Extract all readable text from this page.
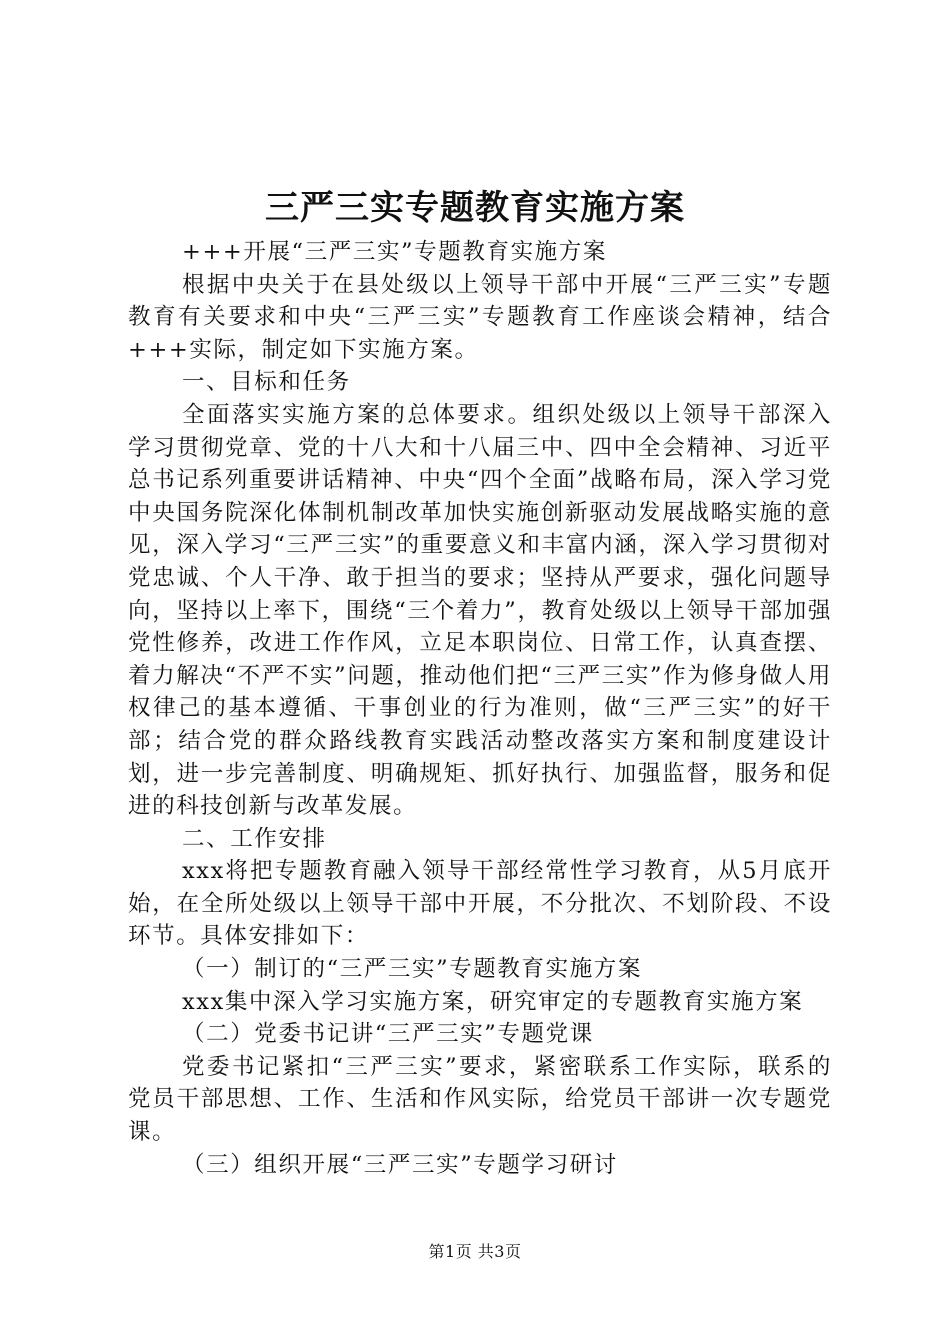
三严三实专题教育实施方案

+++开展“三严三实”专题教育实施方案

根据中央关于在县处级以上领导干部中开展“三严三实”专题教育有关要求和中央“三严三实”专题教育工作座谈会精神，结合+++实际，制定如下实施方案。

一、目标和任务

全面落实实施方案的总体要求。组织处级以上领导干部深入学习贯彻党章、党的十八大和十八届三中、四中全会精神、习近平总书记系列重要讲话精神、中央“四个全面”战略布局，深入学习党中央国务院深化体制机制改革加快实施创新驱动发展战略实施的意见，深入学习“三严三实”的重要意义和丰富内涵，深入学习贯彻对党忠诚、个人干净、敢于担当的要求；坚持从严要求，强化问题导向，坚持以上率下，围绕“三个着力”，教育处级以上领导干部加强党性修养，改进工作作风，立足本职岗位、日常工作，认真查摆、着力解决“不严不实”问题，推动他们把“三严三实”作为修身做人用权律己的基本遵循、干事创业的行为准则，做“三严三实”的好干部；结合党的群众路线教育实践活动整改落实方案和制度建设计划，进一步完善制度、明确规矩、抓好执行、加强监督，服务和促进的科技创新与改革发展。

二、工作安排

xxx将把专题教育融入领导干部经常性学习教育，从5月底开始，在全所处级以上领导干部中开展，不分批次、不划阶段、不设环节。具体安排如下：

（一）制订的“三严三实”专题教育实施方案

xxx集中深入学习实施方案，研究审定的专题教育实施方案

（二）党委书记讲“三严三实”专题党课

党委书记紧扣“三严三实”要求，紧密联系工作实际，联系的党员干部思想、工作、生活和作风实际，给党员干部讲一次专题党课。

（三）组织开展“三严三实”专题学习研讨

第1页 共3页
